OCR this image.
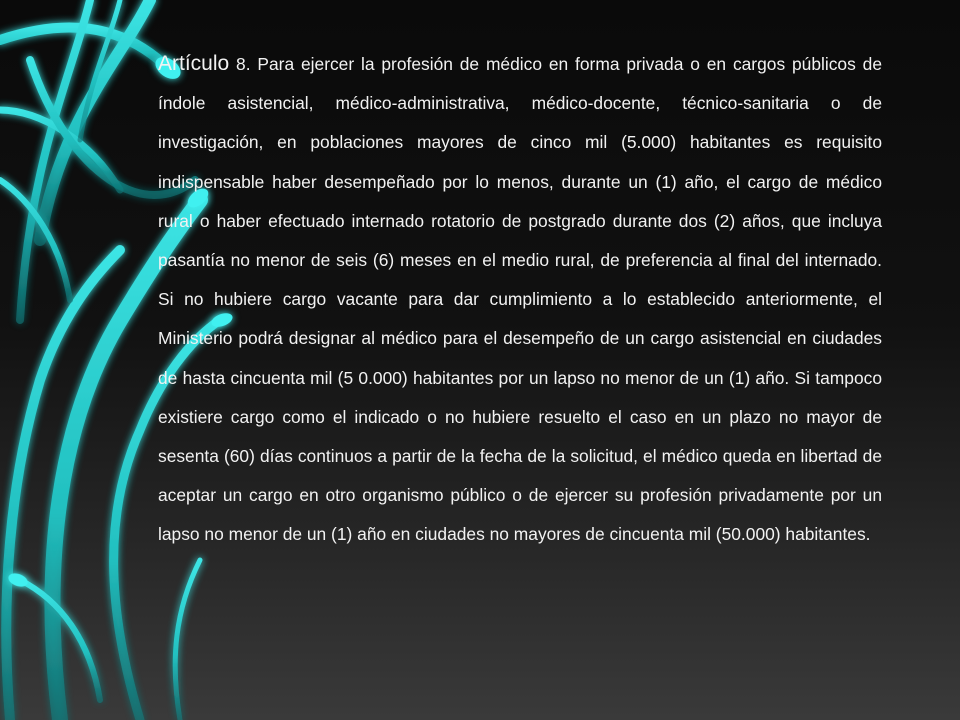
Artículo 8. Para ejercer la profesión de médico en forma privada o en cargos públicos de índole asistencial, médico-administrativa, médico-docente, técnico-sanitaria o de investigación, en poblaciones mayores de cinco mil (5.000) habitantes es requisito indispensable haber desempeñado por lo menos, durante un (1) año, el cargo de médico rural o haber efectuado internado rotatorio de postgrado durante dos (2) años, que incluya pasantía no menor de seis (6) meses en el medio rural, de preferencia al final del internado. Si no hubiere cargo vacante para dar cumplimiento a lo establecido anteriormente, el Ministerio podrá designar al médico para el desempeño de un cargo asistencial en ciudades de hasta cincuenta mil (5 0.000) habitantes por un lapso no menor de un (1) año. Si tampoco existiere cargo como el indicado o no hubiere resuelto el caso en un plazo no mayor de sesenta (60) días continuos a partir de la fecha de la solicitud, el médico queda en libertad de aceptar un cargo en otro organismo público o de ejercer su profesión privadamente por un lapso no menor de un (1) año en ciudades no mayores de cincuenta mil (50.000) habitantes.
